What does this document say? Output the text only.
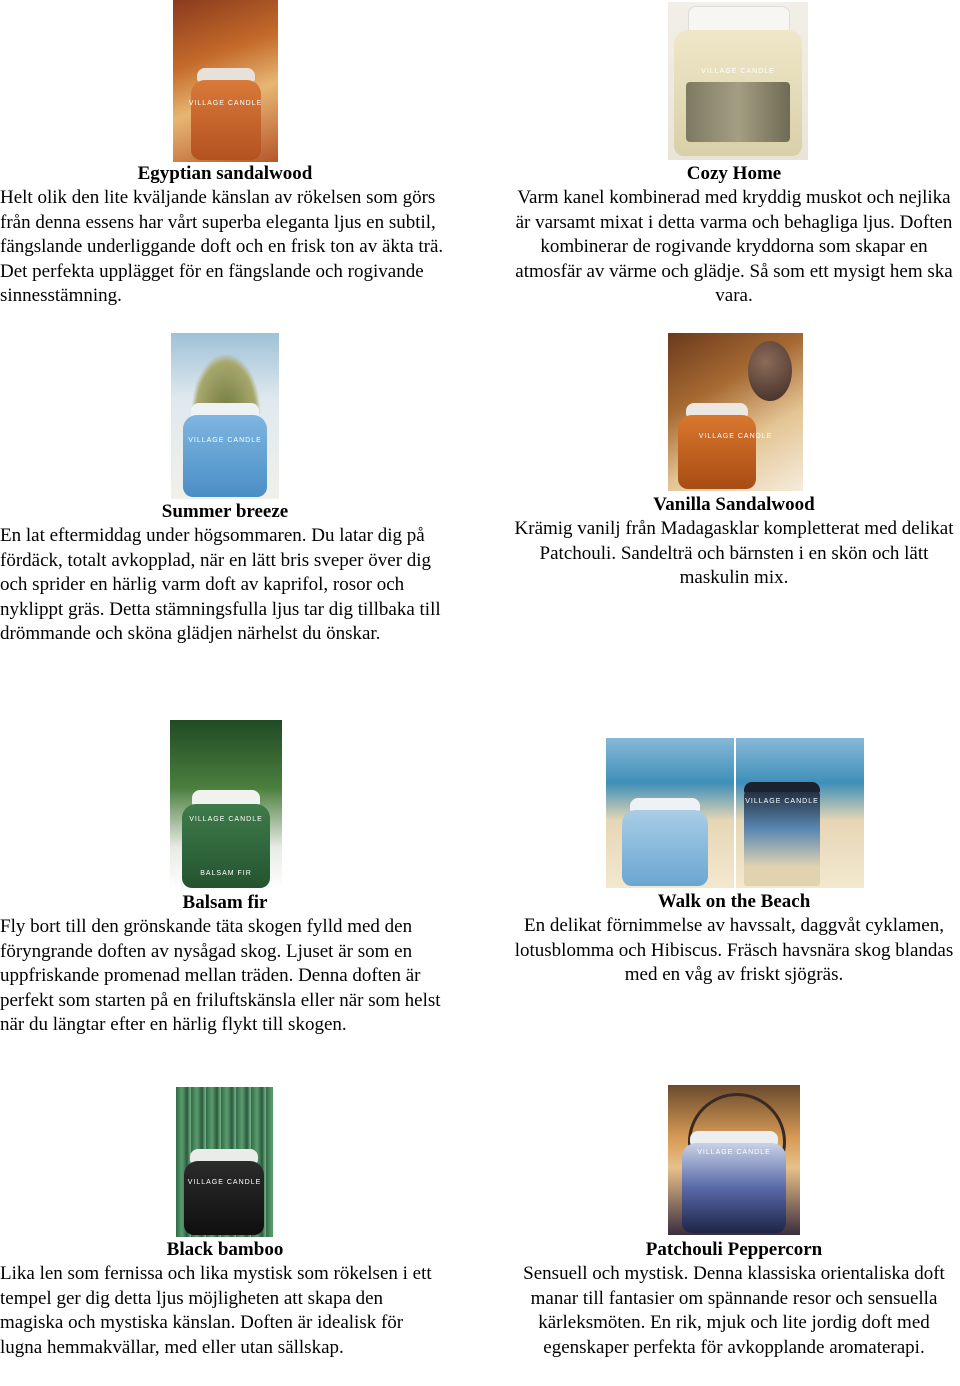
VILLAGE CANDLE
Egyptian sandalwood

Helt olik den lite kväljande känslan av rökelsen som görs från denna essens har vårt superba eleganta ljus en subtil, fängslande underliggande doft och en frisk ton av äkta trä. Det perfekta upplägget för en fängslande och rogivande sinnesstämning.

VILLAGE CANDLE
Cozy Home

Varm kanel kombinerad med kryddig muskot och nejlika är varsamt mixat i detta varma och behagliga ljus. Doften kombinerar de rogivande kryddorna som skapar en atmosfär av värme och glädje. Så som ett mysigt hem ska vara.

VILLAGE CANDLE
Summer breeze

En lat eftermiddag under högsommaren. Du latar dig på fördäck, totalt avkopplad, när en lätt bris sveper över dig och sprider en härlig varm doft av kaprifol, rosor och nyklippt gräs. Detta stämningsfulla ljus tar dig tillbaka till drömmande och sköna glädjen närhelst du önskar.

VILLAGE CANDLE
Vanilla Sandalwood

Krämig vanilj från Madagasklar kompletterat med delikat Patchouli. Sandelträ och bärnsten i en skön och lätt maskulin mix.

VILLAGE CANDLE
BALSAM FIR
Balsam fir

Fly bort till den grönskande täta skogen fylld med den föryngrande doften av nysågad skog. Ljuset är som en uppfriskande promenad mellan träden. Denna doften är perfekt som starten på en friluftskänsla eller när som helst när du längtar efter en härlig flykt till skogen.

VILLAGE CANDLE
Walk on the Beach

En delikat förnimmelse av havssalt, daggvåt cyklamen, lotusblomma och Hibiscus. Fräsch havsnära skog blandas med en våg av friskt sjögräs.

VILLAGE CANDLE
Black bamboo

Lika len som fernissa och lika mystisk som rökelsen i ett tempel ger dig detta ljus möjligheten att skapa den magiska och mystiska känslan. Doften är idealisk för lugna hemmakvällar, med eller utan sällskap.

VILLAGE CANDLE
Patchouli Peppercorn

Sensuell och mystisk. Denna klassiska orientaliska doft manar till fantasier om spännande resor och sensuella kärleksmöten. En rik, mjuk och lite jordig doft med egenskaper perfekta för avkopplande aromaterapi.
